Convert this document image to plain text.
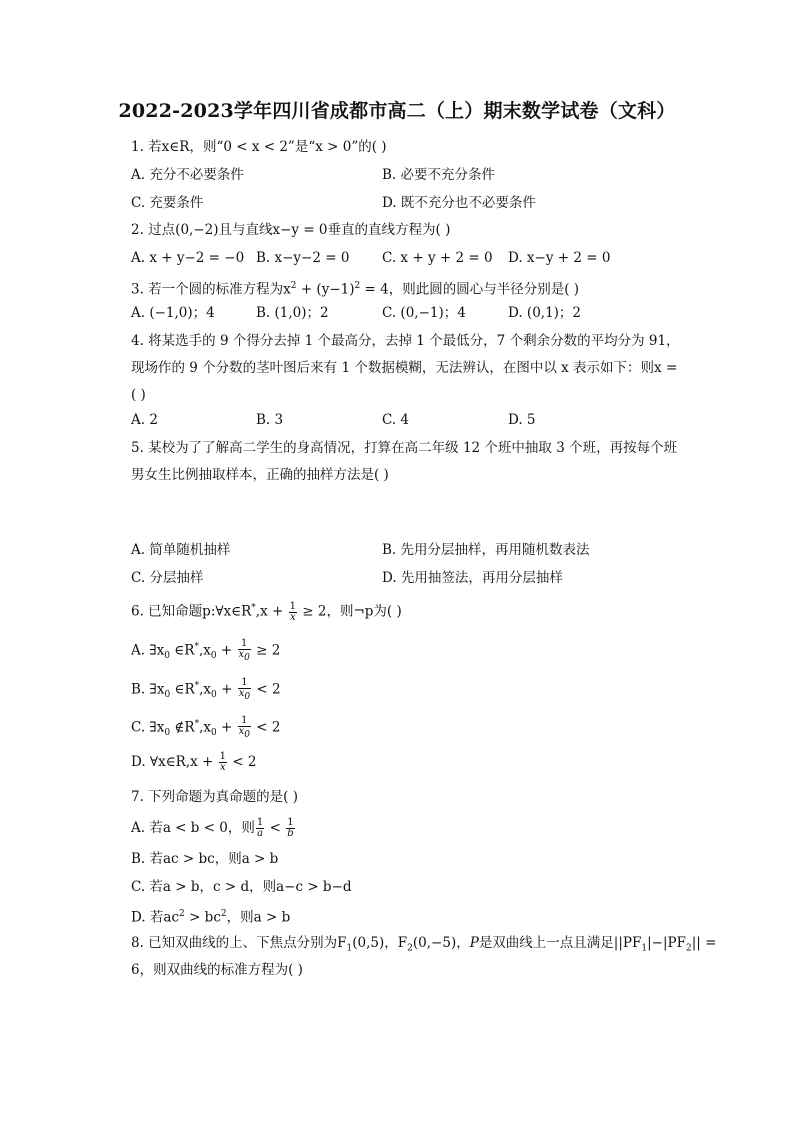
2022-2023学年四川省成都市高二（上）期末数学试卷（文科）
1. 若x∈R，则“0 < x < 2”是“x > 0”的( )
A. 充分不必要条件	B. 必要不充分条件
C. 充要条件	D. 既不充分也不必要条件
2. 过点(0,−2)且与直线x−y = 0垂直的直线方程为( )
A. x + y−2 = −0 B. x−y−2 = 0 C. x + y + 2 = 0 D. x−y + 2 = 0
3. 若一个圆的标准方程为$x^2 + (y-1)^2 = 4$，则此圆的圆心与半径分别是( )
A. (−1,0)；4	B. (1,0)；2	C. (0,−1)；4	D. (0,1)；2
4. 将某选手的 9 个得分去掉 1 个最高分，去掉 1 个最低分，7 个剩余分数的平均分为 91，
现场作的 9 个分数的茎叶图后来有 1 个数据模糊，无法辨认，在图中以 x 表示如下：则x =
( )
A. 2	B. 3	C. 4	D. 5
5. 某校为了了解高二学生的身高情况，打算在高二年级 12 个班中抽取 3 个班，再按每个班
男女生比例抽取样本，正确的抽样方法是( )
A. 简单随机抽样	B. 先用分层抽样，再用随机数表法
C. 分层抽样	D. 先用抽签法，再用分层抽样
6. 已知命题p:∀x∈R*,x + $\frac{1}{x} \ge 2$，则¬p为( )
A. $\exists x_0$ $\in R^*,x_0 + \frac{1}{x_0} \ge 2$
B. $\exists x_0$ $\in R^*,x_0 + \frac{1}{x_0} < 2$
C. $\exists x_0$ $\notin R^*,x_0 + \frac{1}{x_0} < 2$
D. ∀x∈R,x + $\frac{1}{x} < 2$
7. 下列命题为真命题的是( )
A. 若a < b < 0，则 $\frac{1}{a} < \frac{1}{b}$
B. 若ac > bc，则a > b
C. 若a > b，c > d，则a−c > b−d
D. 若$ac^2 > bc^2$，则a > b
8. 已知双曲线的上、下焦点分别为$F_1(0,5)$，$F_2(0,-5)$，P是双曲线上一点且满足$||PF_1|-|PF_2||$ =
6，则双曲线的标准方程为( )
